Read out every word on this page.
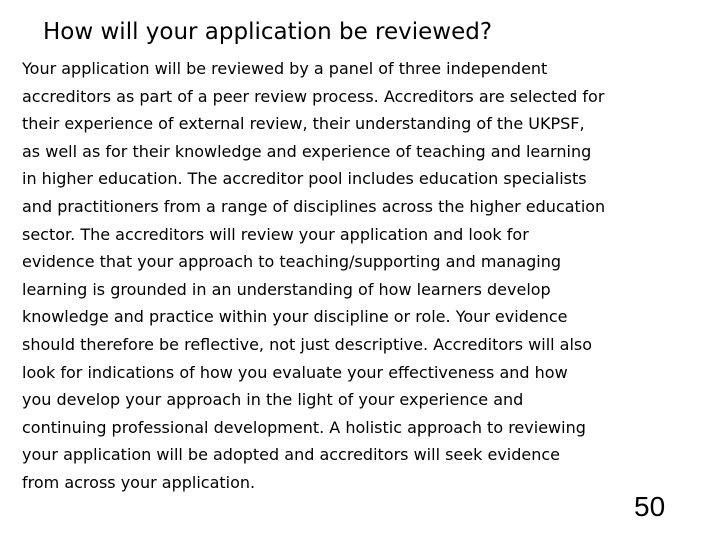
How will your application be reviewed?
Your application will be reviewed by a panel of three independent
accreditors as part of a peer review process. Accreditors are selected for
their experience of external review, their understanding of the UKPSF,
as well as for their knowledge and experience of teaching and learning
in higher education. The accreditor pool includes education specialists
and practitioners from a range of disciplines across the higher education
sector. The accreditors will review your application and look for
evidence that your approach to teaching/supporting and managing
learning is grounded in an understanding of how learners develop
knowledge and practice within your discipline or role. Your evidence
should therefore be reflective, not just descriptive. Accreditors will also
look for indications of how you evaluate your effectiveness and how
you develop your approach in the light of your experience and
continuing professional development. A holistic approach to reviewing
your application will be adopted and accreditors will seek evidence
from across your application.
50
